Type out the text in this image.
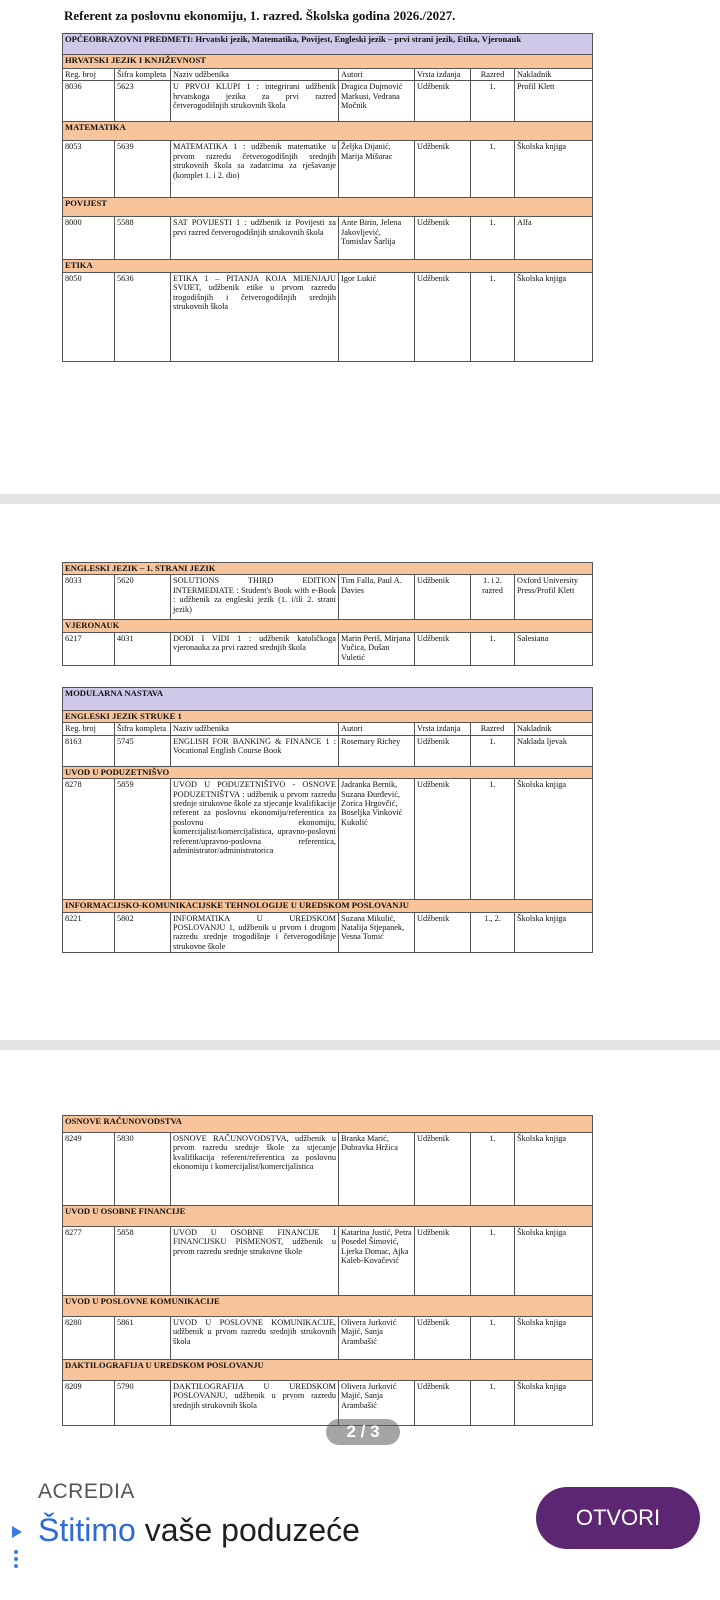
Referent za poslovnu ekonomiju, 1. razred. Školska godina 2026./2027.
OPĆEOBRAZOVNI PREDMETI: Hrvatski jezik, Matematika, Povijest, Engleski jezik – prvi strani jezik, Etika, Vjeronauk						
HRVATSKI JEZIK I KNJIŽEVNOST						
Reg. broj	Šifra kompleta	Naziv udžbenika	Autori	Vrsta izdanja	Razred	Nakladnik
8036	5623	U PRVOJ KLUPI 1 : integrirani udžbenik hrvatskoga jezika za prvi razred četverogodišnjih strukovnih škola	Dragica Dujmović Markusi, Vedrana Močnik	Udžbenik	1.	Profil Klett
MATEMATIKA						
8053	5639	MATEMATIKA 1 : udžbenik matematike u prvom razredu četverogodišnjih srednjih strukovnih škola sa zadatcima za rješavanje (komplet 1. i 2. dio)	Željka Dijanić, Marija Mišurac	Udžbenik	1.	Školska knjiga
POVIJEST						
8000	5588	SAT POVIJESTI 1 : udžbenik iz Povijesti za prvi razred četverogodišnjih strukovnih škola	Ante Birin, Jelena Jakovljević, Tomislav Šarlija	Udžbenik	1.	Alfa
ETIKA						
8050	5636	ETIKA 1 – PITANJA KOJA MIJENJAJU SVIJET, udžbenik etike u prvom razredu trogodišnjih i četverogodišnjih srednjih strukovnih škola	Igor Lukić	Udžbenik	1.	Školska knjiga
ENGLESKI JEZIK – 1. STRANI JEZIK						
8033	5620	SOLUTIONS THIRD EDITION INTERMEDIATE : Student's Book with e-Book : udžbenik za engleski jezik (1. i/ili 2. strani jezik)	Tim Falla, Paul A. Davies	Udžbenik	1. i 2. razred	Oxford University Press/Profil Klett
VJERONAUK						
6217	4031	DOĐI I VIDI 1 : udžbenik katoličkoga vjeronauka za prvi razred srednjih škola	Marin Periš, Mirjana Vučica, Dušan Vuletić	Udžbenik	1.	Salesiana
MODULARNA NASTAVA						
ENGLESKI JEZIK STRUKE 1						
Reg. broj	Šifra kompleta	Naziv udžbenika	Autori	Vrsta izdanja	Razred	Nakladnik
8163	5745	ENGLISH FOR BANKING & FINANCE 1 : Vocational English Course Book	Rosemary Richey	Udžbenik	1.	Naklada ljevak
UVOD U PODUZETNIŠVO						
8278	5859	UVOD U PODUZETNIŠTVO - OSNOVE PODUZETNIŠTVA : udžbenik u prvom razredu srednje strukovne škole za stjecanje kvalifikacije referent za poslovnu ekonomiju/referentica za poslovnu ekonomiju, komercijalist/komercijalistica, upravno-poslovni referent/upravno-poslovna referentica, administrator/administratorica	Jadranka Bernik, Suzana Đurđević, Zorica Hrgovčić, Boseljka Vinković Kukolić	Udžbenik	1.	Školska knjiga
INFORMACIJSKO-KOMUNIKACIJSKE TEHNOLOGIJE U UREDSKOM POSLOVANJU						
8221	5802	INFORMATIKA U UREDSKOM POSLOVANJU 1, udžbenik u prvom i drugom razredu srednje trogodišnje i četverogodišnje strukovne škole	Suzana Mikulić, Natalija Stjepanek, Vesna Tomić	Udžbenik	1., 2.	Školska knjiga
OSNOVE RAČUNOVODSTVA						
8249	5830	OSNOVE RAČUNOVODSTVA, udžbenik u prvom razredu srednje škole za stjecanje kvalifikacija referent/referentica za poslovnu ekonomiju i komercijalist/komercijalistica	Branka Marić, Dubravka Hržica	Udžbenik	1.	Školska knjiga
UVOD U OSOBNE FINANCIJE						
8277	5858	UVOD U OSOBNE FINANCIJE I FINANCIJSKU PISMENOST, udžbenik u prvom razredu srednje strukovne škole	Katarina Justić, Petra Posedel Šimović, Ljerka Domac, Ajka Kaleb-Kovačević	Udžbenik	1.	Školska knjiga
UVOD U POSLOVNE KOMUNIKACIJE						
8280	5861	UVOD U POSLOVNE KOMUNIKACIJE, udžbenik u prvom razredu srednjih strukovnih škola	Olivera Jurković Majić, Sanja Arambašić	Udžbenik	1.	Školska knjiga
DAKTILOGRAFIJA U UREDSKOM POSLOVANJU						
8209	5790	DAKTILOGRAFIJA U UREDSKOM POSLOVANJU, udžbenik u prvom razredu srednjih strukovnih škola	Olivera Jurković Majić, Sanja Arambašić	Udžbenik	1.	Školska knjiga
2 / 3
ACREDIA
Štitimo vaše poduzeće	OTVORI
